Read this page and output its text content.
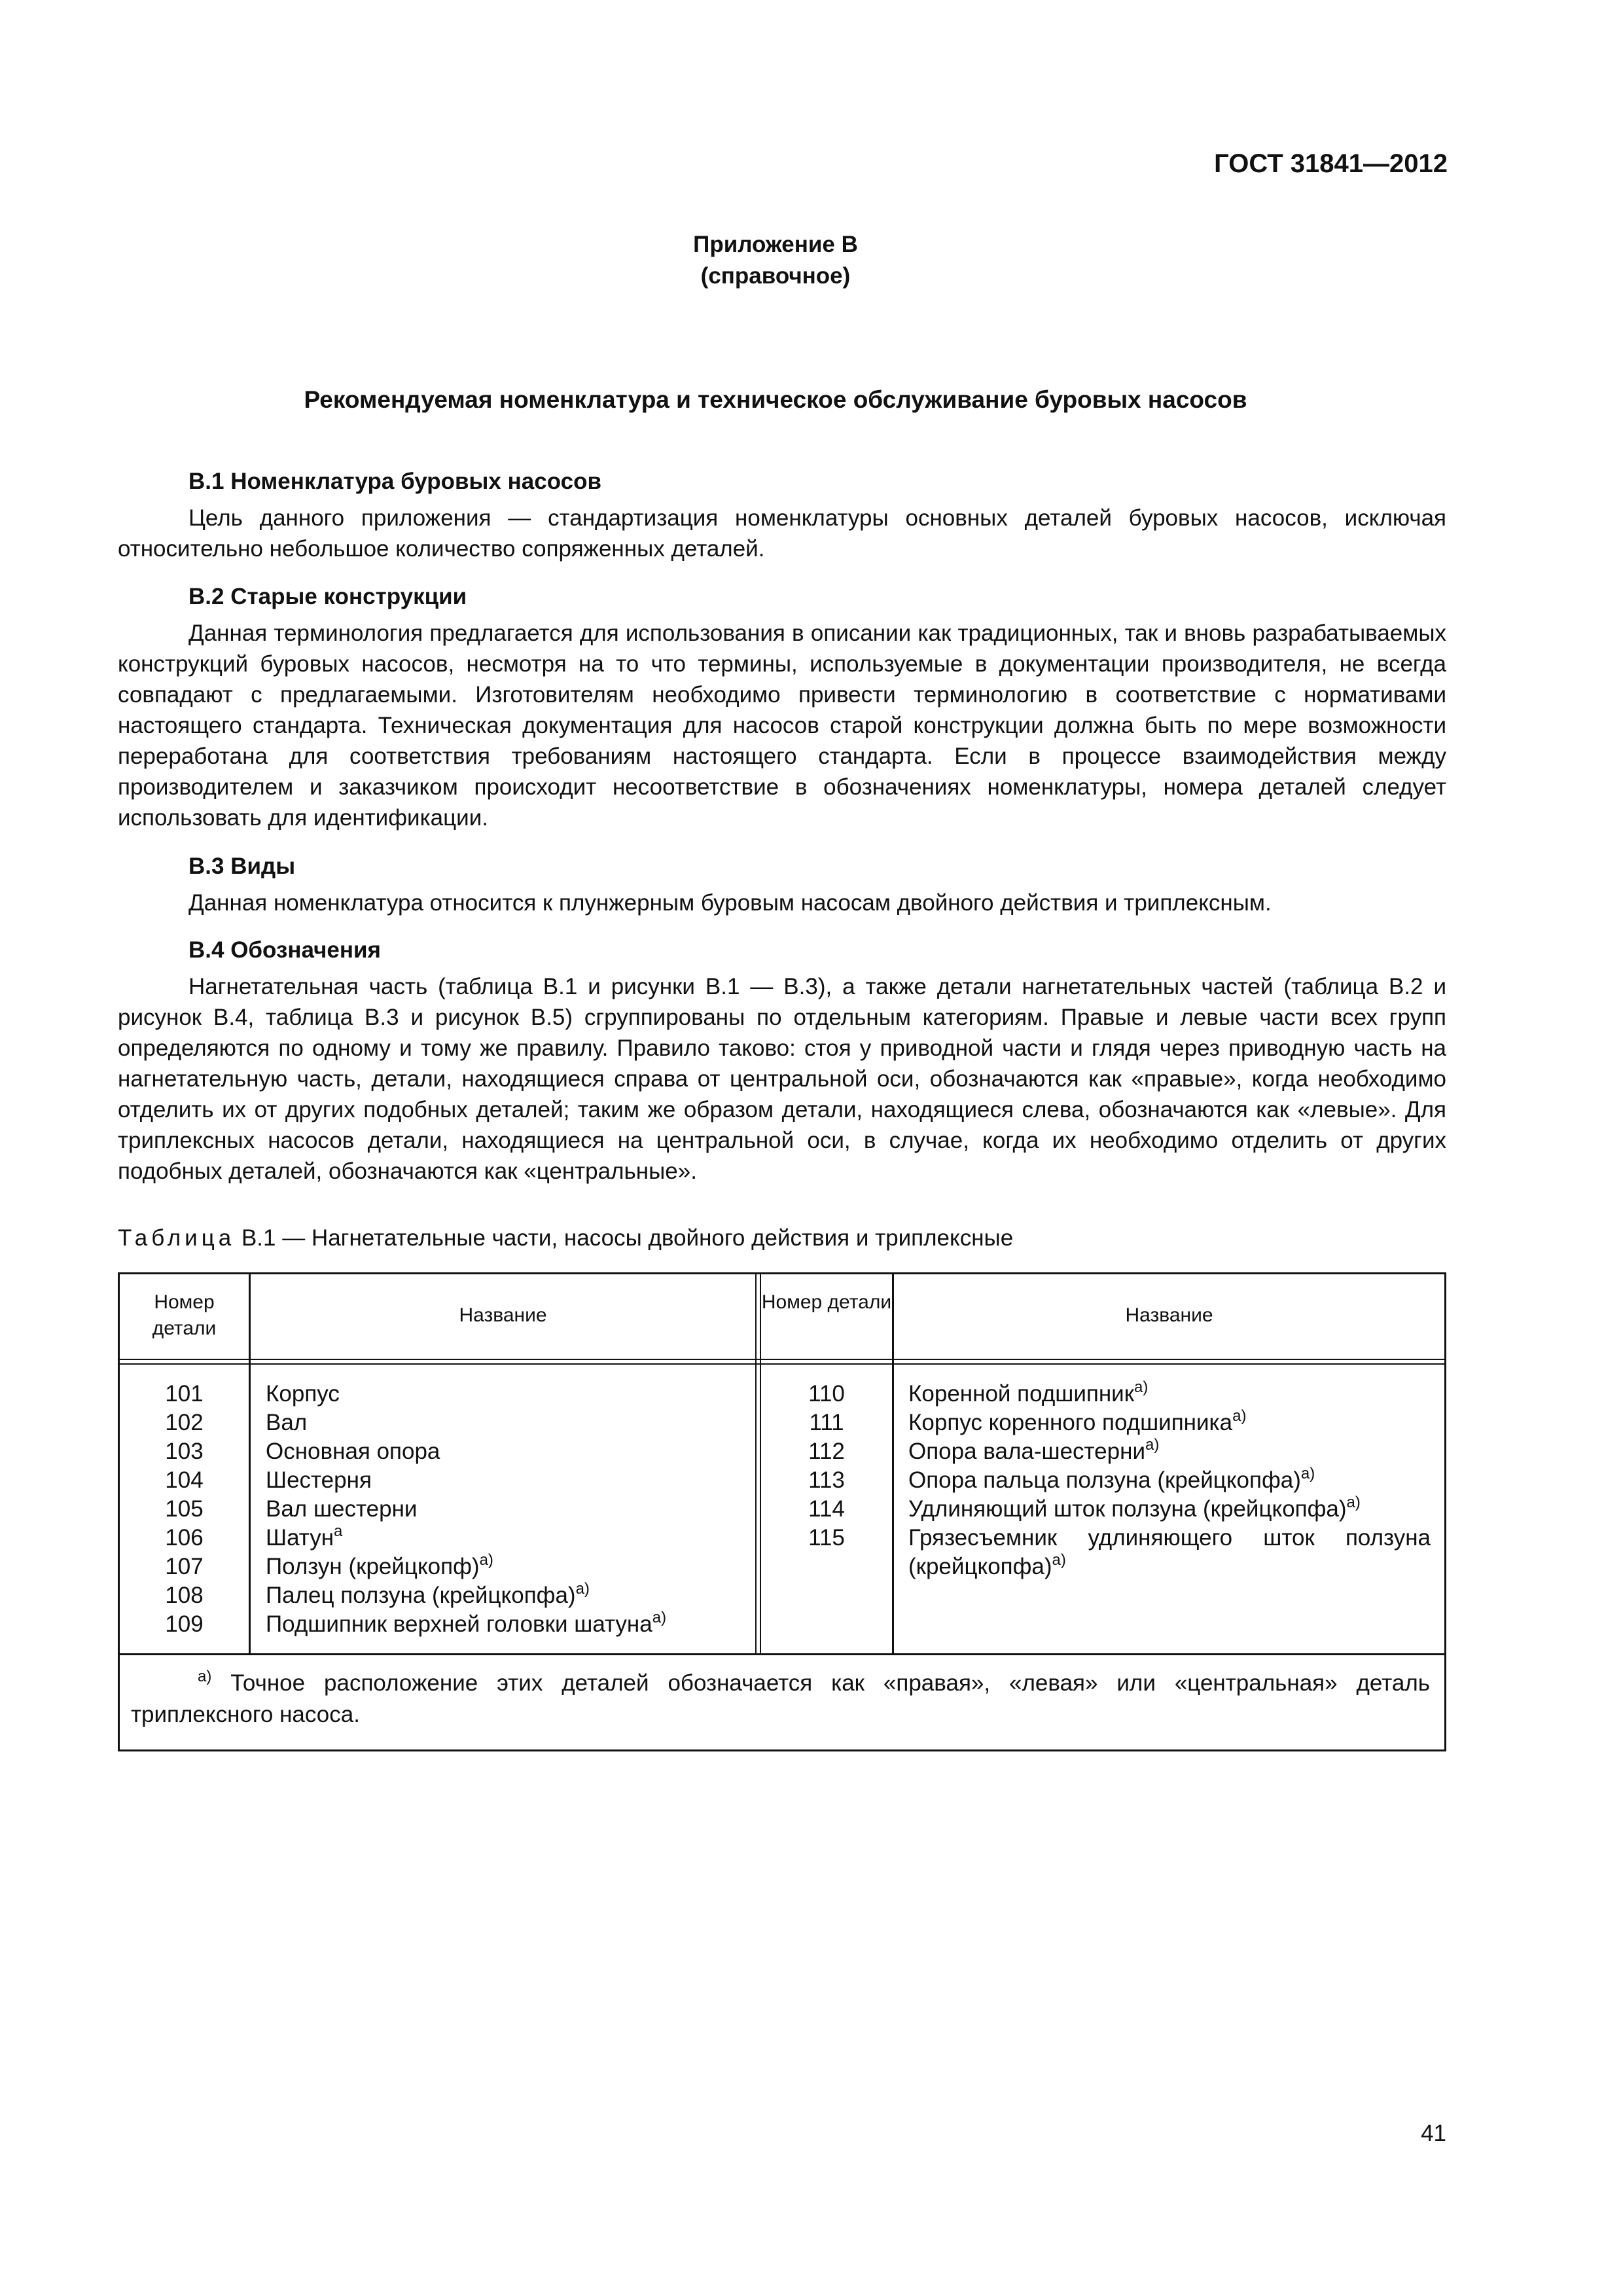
ГОСТ 31841—2012
Приложение В
(справочное)
Рекомендуемая номенклатура и техническое обслуживание буровых насосов
В.1 Номенклатура буровых насосов
Цель данного приложения — стандартизация номенклатуры основных деталей буровых насосов, исключая относительно небольшое количество сопряженных деталей.
В.2 Старые конструкции
Данная терминология предлагается для использования в описании как традиционных, так и вновь разрабатываемых конструкций буровых насосов, несмотря на то что термины, используемые в документации производителя, не всегда совпадают с предлагаемыми. Изготовителям необходимо привести терминологию в соответствие с нормативами настоящего стандарта. Техническая документация для насосов старой конструкции должна быть по мере возможности переработана для соответствия требованиям настоящего стандарта. Если в процессе взаимодействия между производителем и заказчиком происходит несоответствие в обозначениях номенклатуры, номера деталей следует использовать для идентификации.
В.3 Виды
Данная номенклатура относится к плунжерным буровым насосам двойного действия и триплексным.
В.4 Обозначения
Нагнетательная часть (таблица В.1 и рисунки В.1 — В.3), а также детали нагнетательных частей (таблица В.2 и рисунок В.4, таблица В.3 и рисунок В.5) сгруппированы по отдельным категориям. Правые и левые части всех групп определяются по одному и тому же правилу. Правило таково: стоя у приводной части и глядя через приводную часть на нагнетательную часть, детали, находящиеся справа от центральной оси, обозначаются как «правые», когда необходимо отделить их от других подобных деталей; таким же образом детали, находящиеся слева, обозначаются как «левые». Для триплексных насосов детали, находящиеся на центральной оси, в случае, когда их необходимо отделить от других подобных деталей, обозначаются как «центральные».
Таблица В.1 — Нагнетательные части, насосы двойного действия и триплексные
Номер детали
Название
Номер детали
Название
101
102
103
104
105
106
107
108
109
Корпус
Вал
Основная опора
Шестерня
Вал шестерни
Шатун$^а$
Ползун (крейцкопф)$^{а)}$
Палец ползуна (крейцкопфа)$^{а)}$
Подшипник верхней головки шатуна$^{а)}$
110
111
112
113
114
115
Коренной подшипник$^{а)}$
Корпус коренного подшипника$^{а)}$
Опора вала-шестерни$^{а)}$
Опора пальца ползуна (крейцкопфа)$^{а)}$
Удлиняющий шток ползуна (крейцкопфа)$^{а)}$
Грязесъемник удлиняющего шток ползуна (крейцкопфа)$^{а)}$
$^{а)}$ Точное расположение этих деталей обозначается как «правая», «левая» или «центральная» деталь триплексного насоса.
41
